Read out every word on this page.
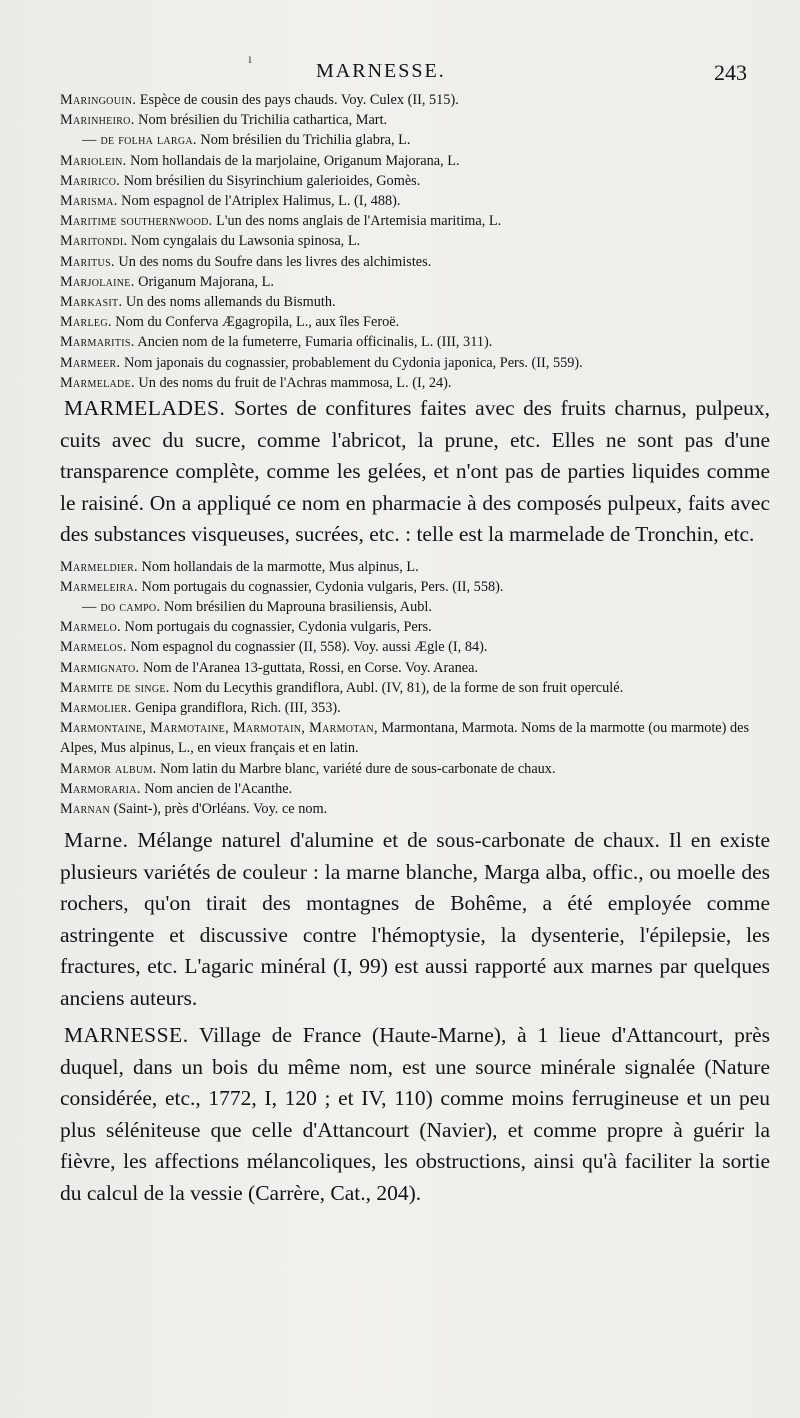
ı
MARNESSE.	243

Maringouin. Espèce de cousin des pays chauds. Voy. Culex (II, 515).

Marinheiro. Nom brésilien du Trichilia cathartica, Mart.

— de folha larga. Nom brésilien du Trichilia glabra, L.

Mariolein. Nom hollandais de la marjolaine, Origanum Majorana, L.

Maririco. Nom brésilien du Sisyrinchium galerioides, Gomès.

Marisma. Nom espagnol de l'Atriplex Halimus, L. (I, 488).

Maritime southernwood. L'un des noms anglais de l'Artemisia maritima, L.

Maritondi. Nom cyngalais du Lawsonia spinosa, L.

Maritus. Un des noms du Soufre dans les livres des alchimistes.

Marjolaine. Origanum Majorana, L.

Markasit. Un des noms allemands du Bismuth.

Marleg. Nom du Conferva Ægagropila, L., aux îles Feroë.

Marmaritis. Ancien nom de la fumeterre, Fumaria officinalis, L. (III, 311).

Marmeer. Nom japonais du cognassier, probablement du Cydonia japonica, Pers. (II, 559).

Marmelade. Un des noms du fruit de l'Achras mammosa, L. (I, 24).

MARMELADES. Sortes de confitures faites avec des fruits charnus, pulpeux, cuits avec du sucre, comme l'abricot, la prune, etc. Elles ne sont pas d'une transparence complète, comme les gelées, et n'ont pas de parties liquides comme le raisiné. On a appliqué ce nom en pharmacie à des composés pulpeux, faits avec des substances visqueuses, sucrées, etc. : telle est la marmelade de Tronchin, etc.

Marmeldier. Nom hollandais de la marmotte, Mus alpinus, L.

Marmeleira. Nom portugais du cognassier, Cydonia vulgaris, Pers. (II, 558).

— do campo. Nom brésilien du Maprouna brasiliensis, Aubl.

Marmelo. Nom portugais du cognassier, Cydonia vulgaris, Pers.

Marmelos. Nom espagnol du cognassier (II, 558). Voy. aussi Ægle (I, 84).

Marmignato. Nom de l'Aranea 13-guttata, Rossi, en Corse. Voy. Aranea.

Marmite de singe. Nom du Lecythis grandiflora, Aubl. (IV, 81), de la forme de son fruit operculé.

Marmolier. Genipa grandiflora, Rich. (III, 353).

Marmontaine, Marmotaine, Marmotain, Marmotan, Marmontana, Marmota. Noms de la marmotte (ou marmote) des Alpes, Mus alpinus, L., en vieux français et en latin.

Marmor album. Nom latin du Marbre blanc, variété dure de sous-carbonate de chaux.

Marmoraria. Nom ancien de l'Acanthe.

Marnan (Saint-), près d'Orléans. Voy. ce nom.

Marne. Mélange naturel d'alumine et de sous-carbonate de chaux. Il en existe plusieurs variétés de couleur : la marne blanche, Marga alba, offic., ou moelle des rochers, qu'on tirait des montagnes de Bohême, a été employée comme astringente et discussive contre l'hémoptysie, la dysenterie, l'épilepsie, les fractures, etc. L'agaric minéral (I, 99) est aussi rapporté aux marnes par quelques anciens auteurs.

MARNESSE. Village de France (Haute-Marne), à 1 lieue d'Attancourt, près duquel, dans un bois du même nom, est une source minérale signalée (Nature considérée, etc., 1772, I, 120 ; et IV, 110) comme moins ferrugineuse et un peu plus séléniteuse que celle d'Attancourt (Navier), et comme propre à guérir la fièvre, les affections mélancoliques, les obstructions, ainsi qu'à faciliter la sortie du calcul de la vessie (Carrère, Cat., 204).
